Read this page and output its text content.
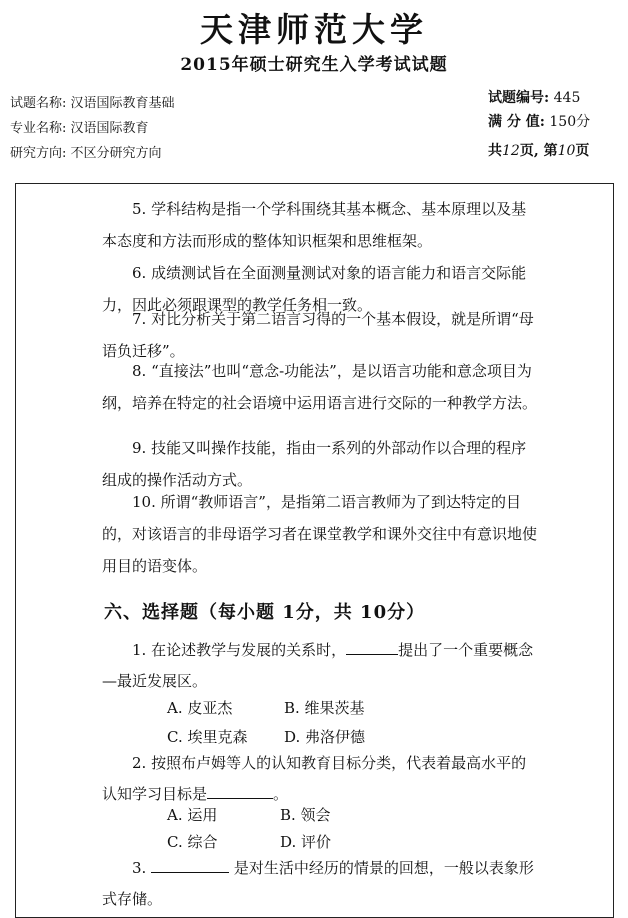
天津师范大学
2015年硕士研究生入学考试试题
试题名称: 汉语国际教育基础
专业名称: 汉语国际教育
研究方向: 不区分研究方向
试题编号: 445
满 分 值: 150分
共12页, 第10页

5. 学科结构是指一个学科围绕其基本概念、基本原理以及基本态度和方法而形成的整体知识框架和思维框架。

6. 成绩测试旨在全面测量测试对象的语言能力和语言交际能力，因此必须跟课型的教学任务相一致。

7. 对比分析关于第二语言习得的一个基本假设，就是所谓“母语负迁移”。

8. “直接法”也叫“意念-功能法”，是以语言功能和意念项目为纲，培养在特定的社会语境中运用语言进行交际的一种教学方法。

9. 技能又叫操作技能，指由一系列的外部动作以合理的程序组成的操作活动方式。

10. 所谓“教师语言”，是指第二语言教师为了到达特定的目的，对该语言的非母语学习者在课堂教学和课外交往中有意识地使用目的语变体。

六、选择题（每小题 1分，共 10分）

1. 在论述教学与发展的关系时，	提出了一个重要概念—最近发展区。

A. 皮亚杰	B. 维果茨基

C. 埃里克森 D. 弗洛伊德

2. 按照布卢姆等人的认知教育目标分类，代表着最高水平的认知学习目标是	。

A. 运用	B. 领会

C. 综合	D. 评价

3.	是对生活中经历的情景的回想，一般以表象形式存储。
